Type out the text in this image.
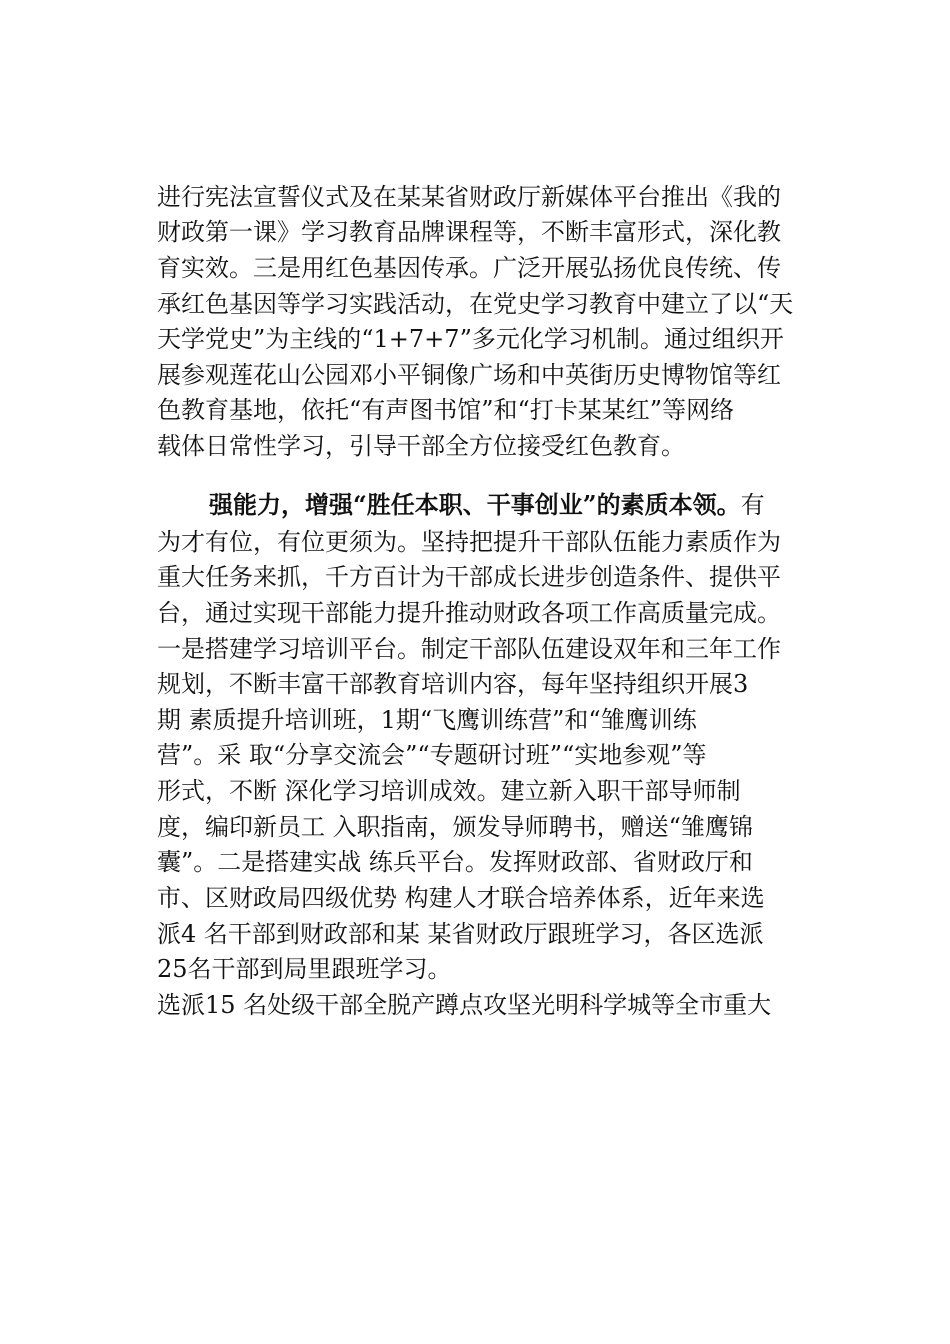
进行宪法宣誓仪式及在某某省财政厅新媒体平台推出《我的
财政第一课》学习教育品牌课程等，不断丰富形式，深化教
育实效。三是用红色基因传承。广泛开展弘扬优良传统、传
承红色基因等学习实践活动，在党史学习教育中建立了以“天
天学党史”为主线的“1+7+7”多元化学习机制。通过组织开
展参观莲花山公园邓小平铜像广场和中英街历史博物馆等红
色教育基地，依托“有声图书馆”和“打卡某某红”等网络
载体日常性学习，引导干部全方位接受红色教育。
强能力，增强“胜任本职、干事创业”的素质本领。有
为才有位，有位更须为。坚持把提升干部队伍能力素质作为
重大任务来抓，千方百计为干部成长进步创造条件、提供平
台，通过实现干部能力提升推动财政各项工作高质量完成。
一是搭建学习培训平台。制定干部队伍建设双年和三年工作
规划，不断丰富干部教育培训内容，每年坚持组织开展3
期 素质提升培训班，1期“飞鹰训练营”和“雏鹰训练
营”。采 取“分享交流会”“专题研讨班”“实地参观”等
形式，不断 深化学习培训成效。建立新入职干部导师制
度，编印新员工 入职指南，颁发导师聘书，赠送“雏鹰锦
囊”。二是搭建实战 练兵平台。发挥财政部、省财政厅和
市、区财政局四级优势 构建人才联合培养体系，近年来选
派4 名干部到财政部和某 某省财政厅跟班学习，各区选派
25名干部到局里跟班学习。
选派15 名处级干部全脱产蹲点攻坚光明科学城等全市重大
